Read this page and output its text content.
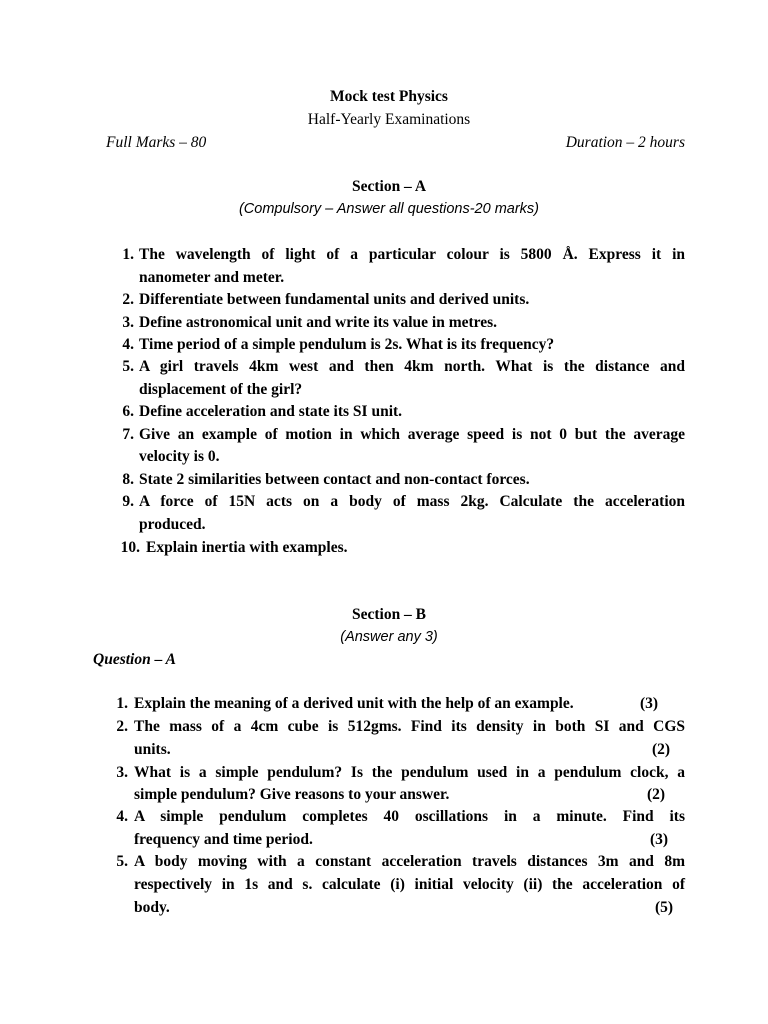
Mock test Physics
Half-Yearly Examinations
Full Marks – 80	Duration – 2 hours
Section – A
(Compulsory – Answer all questions-20 marks)
1. The wavelength of light of a particular colour is 5800 Å. Express it in
nanometer and meter.
2. Differentiate between fundamental units and derived units.
3. Define astronomical unit and write its value in metres.
4. Time period of a simple pendulum is 2s. What is its frequency?
5. A girl travels 4km west and then 4km north. What is the distance and
displacement of the girl?
6. Define acceleration and state its SI unit.
7. Give an example of motion in which average speed is not 0 but the average
velocity is 0.
8. State 2 similarities between contact and non-contact forces.
9. A force of 15N acts on a body of mass 2kg. Calculate the acceleration
produced.
10. Explain inertia with examples.
Section – B
(Answer any 3)
Question – A
1. Explain the meaning of a derived unit with the help of an example.	(3)
2. The mass of a 4cm cube is 512gms. Find its density in both SI and CGS
units.	(2)
3. What is a simple pendulum? Is the pendulum used in a pendulum clock, a
simple pendulum? Give reasons to your answer.	(2)
4. A simple pendulum completes 40 oscillations in a minute. Find its
frequency and time period.	(3)
5. A body moving with a constant acceleration travels distances 3m and 8m
respectively in 1s and s. calculate (i) initial velocity (ii) the acceleration of
body.	(5)
